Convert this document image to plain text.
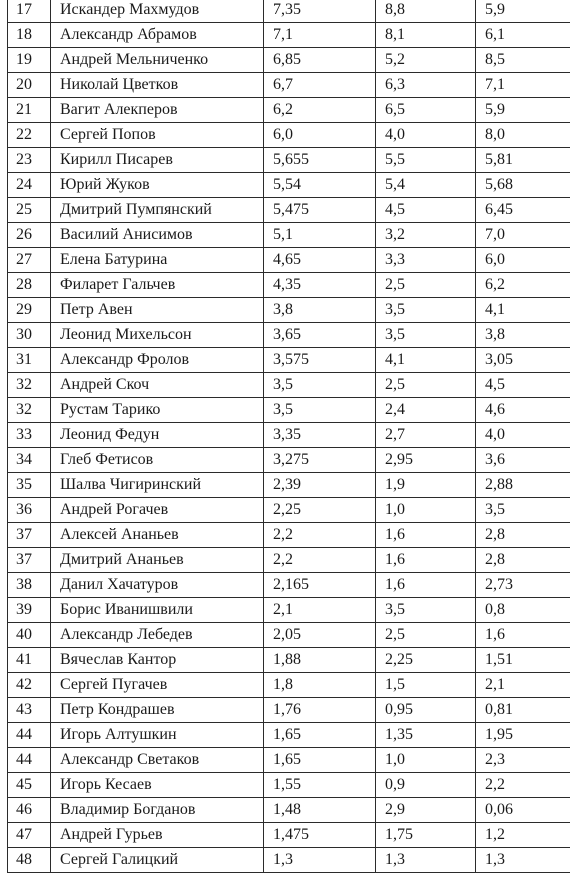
17	Искандер Махмудов	7,35	8,8	5,9
18	Александр Абрамов	7,1	8,1	6,1
19	Андрей Мельниченко	6,85	5,2	8,5
20	Николай Цветков	6,7	6,3	7,1
21	Вагит Алекперов	6,2	6,5	5,9
22	Сергей Попов	6,0	4,0	8,0
23	Кирилл Писарев	5,655	5,5	5,81
24	Юрий Жуков	5,54	5,4	5,68
25	Дмитрий Пумпянский	5,475	4,5	6,45
26	Василий Анисимов	5,1	3,2	7,0
27	Елена Батурина	4,65	3,3	6,0
28	Филарет Гальчев	4,35	2,5	6,2
29	Петр Авен	3,8	3,5	4,1
30	Леонид Михельсон	3,65	3,5	3,8
31	Александр Фролов	3,575	4,1	3,05
32	Андрей Скоч	3,5	2,5	4,5
32	Рустам Тарико	3,5	2,4	4,6
33	Леонид Федун	3,35	2,7	4,0
34	Глеб Фетисов	3,275	2,95	3,6
35	Шалва Чигиринский	2,39	1,9	2,88
36	Андрей Рогачев	2,25	1,0	3,5
37	Алексей Ананьев	2,2	1,6	2,8
37	Дмитрий Ананьев	2,2	1,6	2,8
38	Данил Хачатуров	2,165	1,6	2,73
39	Борис Иванишвили	2,1	3,5	0,8
40	Александр Лебедев	2,05	2,5	1,6
41	Вячеслав Кантор	1,88	2,25	1,51
42	Сергей Пугачев	1,8	1,5	2,1
43	Петр Кондрашев	1,76	0,95	0,81
44	Игорь Алтушкин	1,65	1,35	1,95
44	Александр Светаков	1,65	1,0	2,3
45	Игорь Кесаев	1,55	0,9	2,2
46	Владимир Богданов	1,48	2,9	0,06
47	Андрей Гурьев	1,475	1,75	1,2
48	Сергей Галицкий	1,3	1,3	1,3
